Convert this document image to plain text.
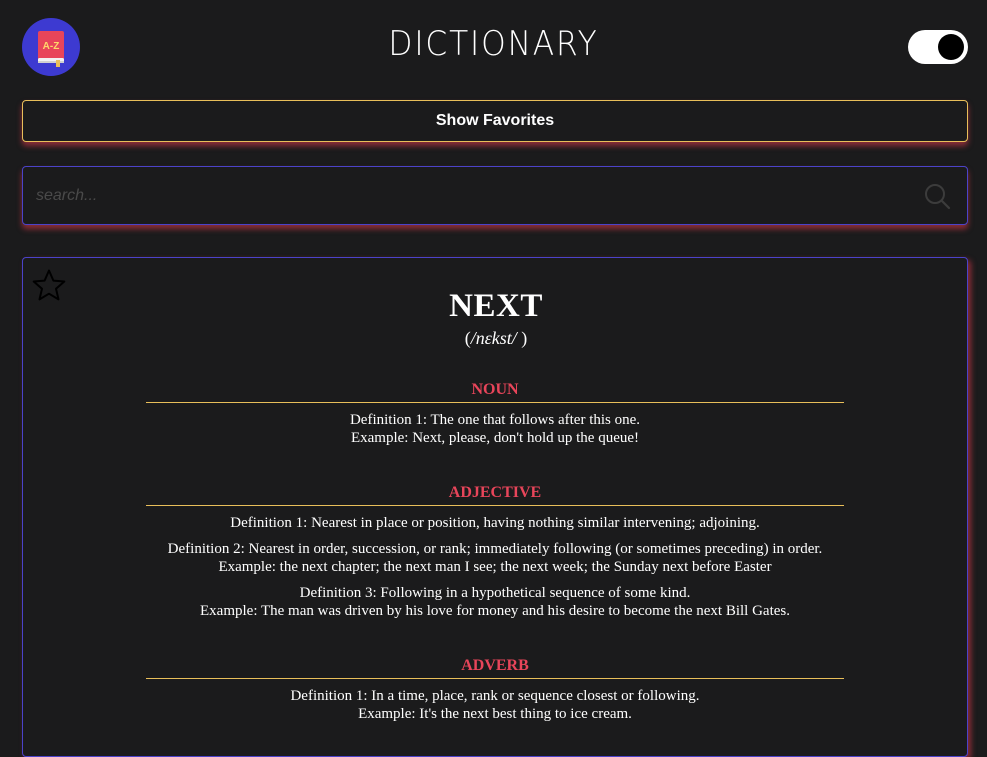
A-Z	DICTIONARY
Show Favorites
search...
NEXT
(/nɛkst/ )
NOUN
Definition 1: The one that follows after this one.
Example: Next, please, don't hold up the queue!
ADJECTIVE
Definition 1: Nearest in place or position, having nothing similar intervening; adjoining.
Definition 2: Nearest in order, succession, or rank; immediately following (or sometimes preceding) in order.
Example: the next chapter; the next man I see; the next week; the Sunday next before Easter
Definition 3: Following in a hypothetical sequence of some kind.
Example: The man was driven by his love for money and his desire to become the next Bill Gates.
ADVERB
Definition 1: In a time, place, rank or sequence closest or following.
Example: It's the next best thing to ice cream.
